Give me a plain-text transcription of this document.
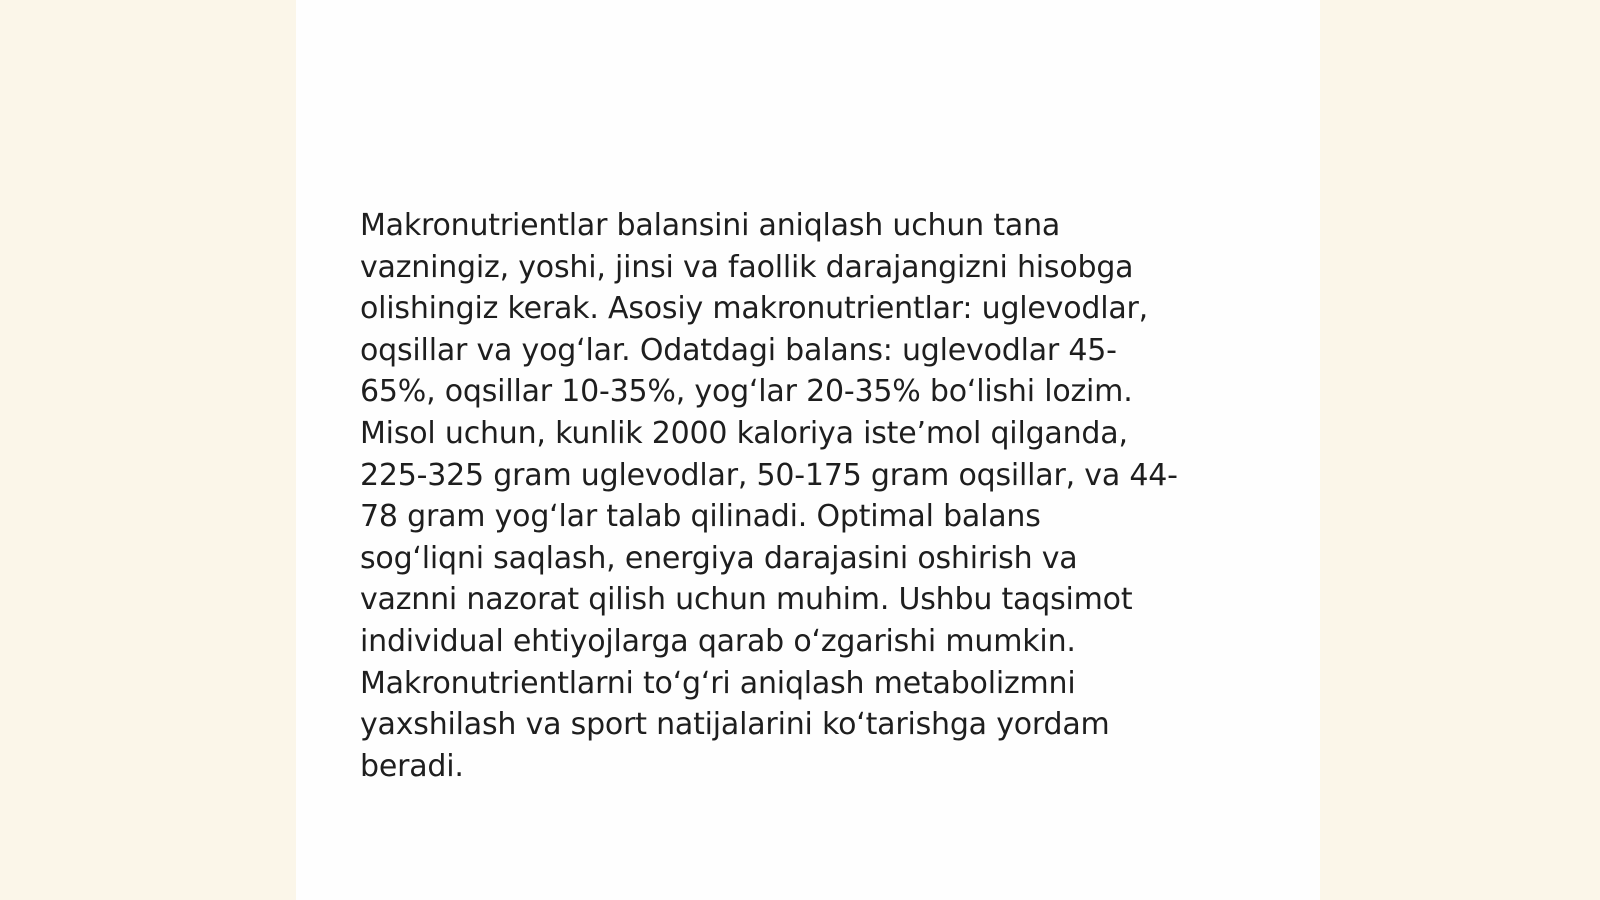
Makronutrientlar balansini aniqlash uchun tana
vazningiz, yoshi, jinsi va faollik darajangizni hisobga
olishingiz kerak. Asosiy makronutrientlar: uglevodlar,
oqsillar va yog‘lar. Odatdagi balans: uglevodlar 45-
65%, oqsillar 10-35%, yog‘lar 20-35% bo‘lishi lozim.
Misol uchun, kunlik 2000 kaloriya iste’mol qilganda,
225-325 gram uglevodlar, 50-175 gram oqsillar, va 44-
78 gram yog‘lar talab qilinadi. Optimal balans
sog‘liqni saqlash, energiya darajasini oshirish va
vaznni nazorat qilish uchun muhim. Ushbu taqsimot
individual ehtiyojlarga qarab o‘zgarishi mumkin.
Makronutrientlarni to‘g‘ri aniqlash metabolizmni
yaxshilash va sport natijalarini ko‘tarishga yordam
beradi.
